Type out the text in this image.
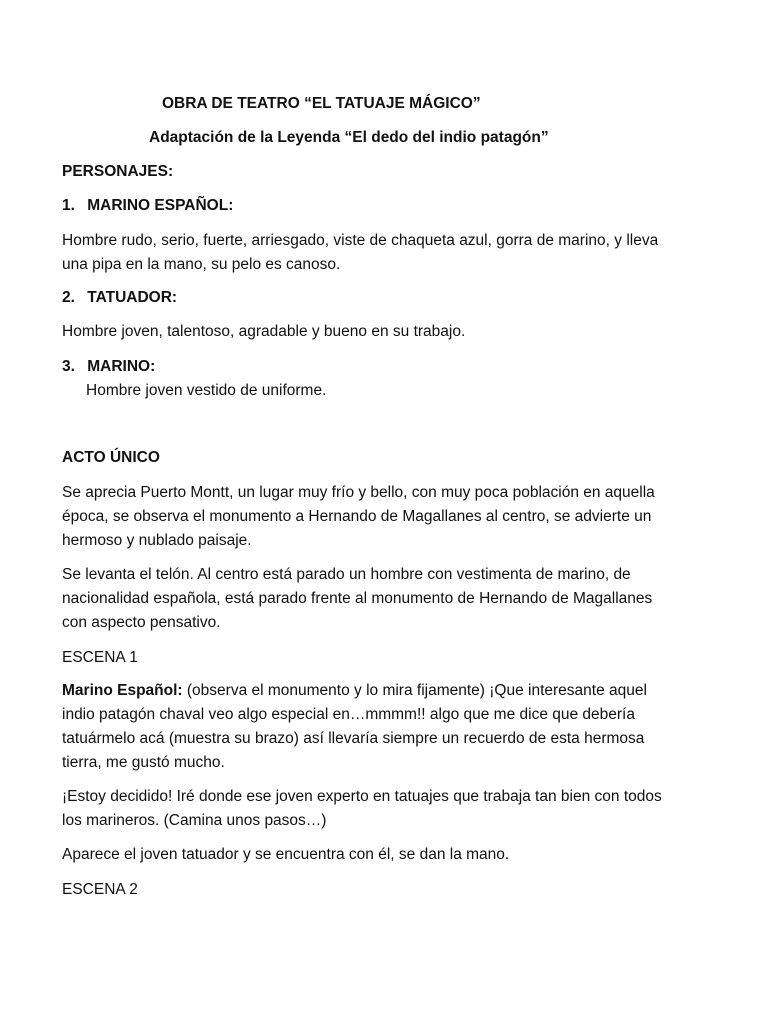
OBRA DE TEATRO “EL TATUAJE MÁGICO”
Adaptación de la Leyenda “El dedo del indio patagón”
PERSONAJES:
1. MARINO ESPAÑOL:
Hombre rudo, serio, fuerte, arriesgado, viste de chaqueta azul, gorra de marino, y lleva una pipa en la mano, su pelo es canoso.
2. TATUADOR:
Hombre joven, talentoso, agradable y bueno en su trabajo.
3. MARINO:
Hombre joven vestido de uniforme.
ACTO ÚNICO
Se aprecia Puerto Montt, un lugar muy frío y bello, con muy poca población en aquella época, se observa el monumento a Hernando de Magallanes al centro, se advierte un hermoso y nublado paisaje.
Se levanta el telón. Al centro está parado un hombre con vestimenta de marino, de nacionalidad española, está parado frente al monumento de Hernando de Magallanes con aspecto pensativo.
ESCENA 1
Marino Español: (observa el monumento y lo mira fijamente) ¡Que interesante aquel indio patagón chaval veo algo especial en…mmmm!! algo que me dice que debería tatuármelo acá (muestra su brazo) así llevaría siempre un recuerdo de esta hermosa tierra, me gustó mucho.
¡Estoy decidido! Iré donde ese joven experto en tatuajes que trabaja tan bien con todos los marineros. (Camina unos pasos…)
Aparece el joven tatuador y se encuentra con él, se dan la mano.
ESCENA 2
